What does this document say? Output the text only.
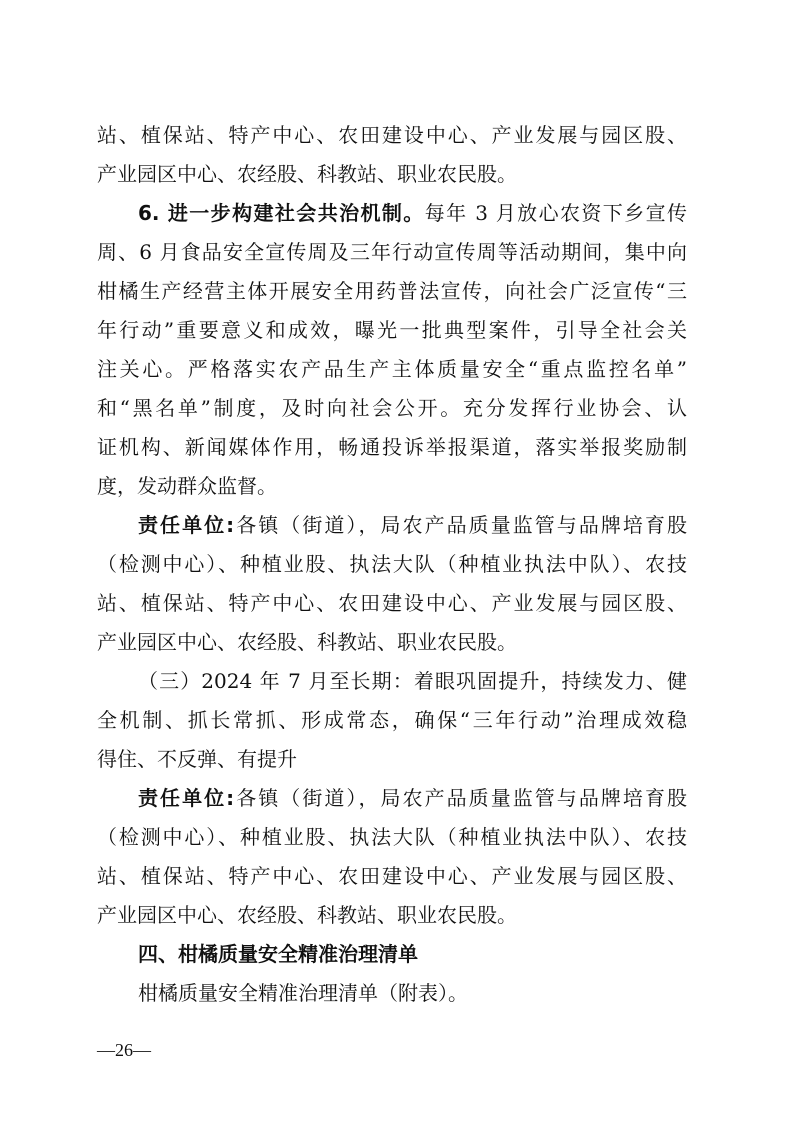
站、植保站、特产中心、农田建设中心、产业发展与园区股、
产业园区中心、农经股、科教站、职业农民股。
6. 进一步构建社会共治机制。每年 3 月放心农资下乡宣传
周、6 月食品安全宣传周及三年行动宣传周等活动期间，集中向
柑橘生产经营主体开展安全用药普法宣传，向社会广泛宣传“三
年行动”重要意义和成效，曝光一批典型案件，引导全社会关
注关心。严格落实农产品生产主体质量安全“重点监控名单”
和“黑名单”制度，及时向社会公开。充分发挥行业协会、认
证机构、新闻媒体作用，畅通投诉举报渠道，落实举报奖励制
度，发动群众监督。
责任单位:各镇（街道），局农产品质量监管与品牌培育股
（检测中心）、种植业股、执法大队（种植业执法中队）、农技
站、植保站、特产中心、农田建设中心、产业发展与园区股、
产业园区中心、农经股、科教站、职业农民股。
（三）2024 年 7 月至长期：着眼巩固提升，持续发力、健
全机制、抓长常抓、形成常态，确保“三年行动”治理成效稳
得住、不反弹、有提升
责任单位:各镇（街道），局农产品质量监管与品牌培育股
（检测中心）、种植业股、执法大队（种植业执法中队）、农技
站、植保站、特产中心、农田建设中心、产业发展与园区股、
产业园区中心、农经股、科教站、职业农民股。
四、柑橘质量安全精准治理清单
柑橘质量安全精准治理清单（附表）。
—26—
